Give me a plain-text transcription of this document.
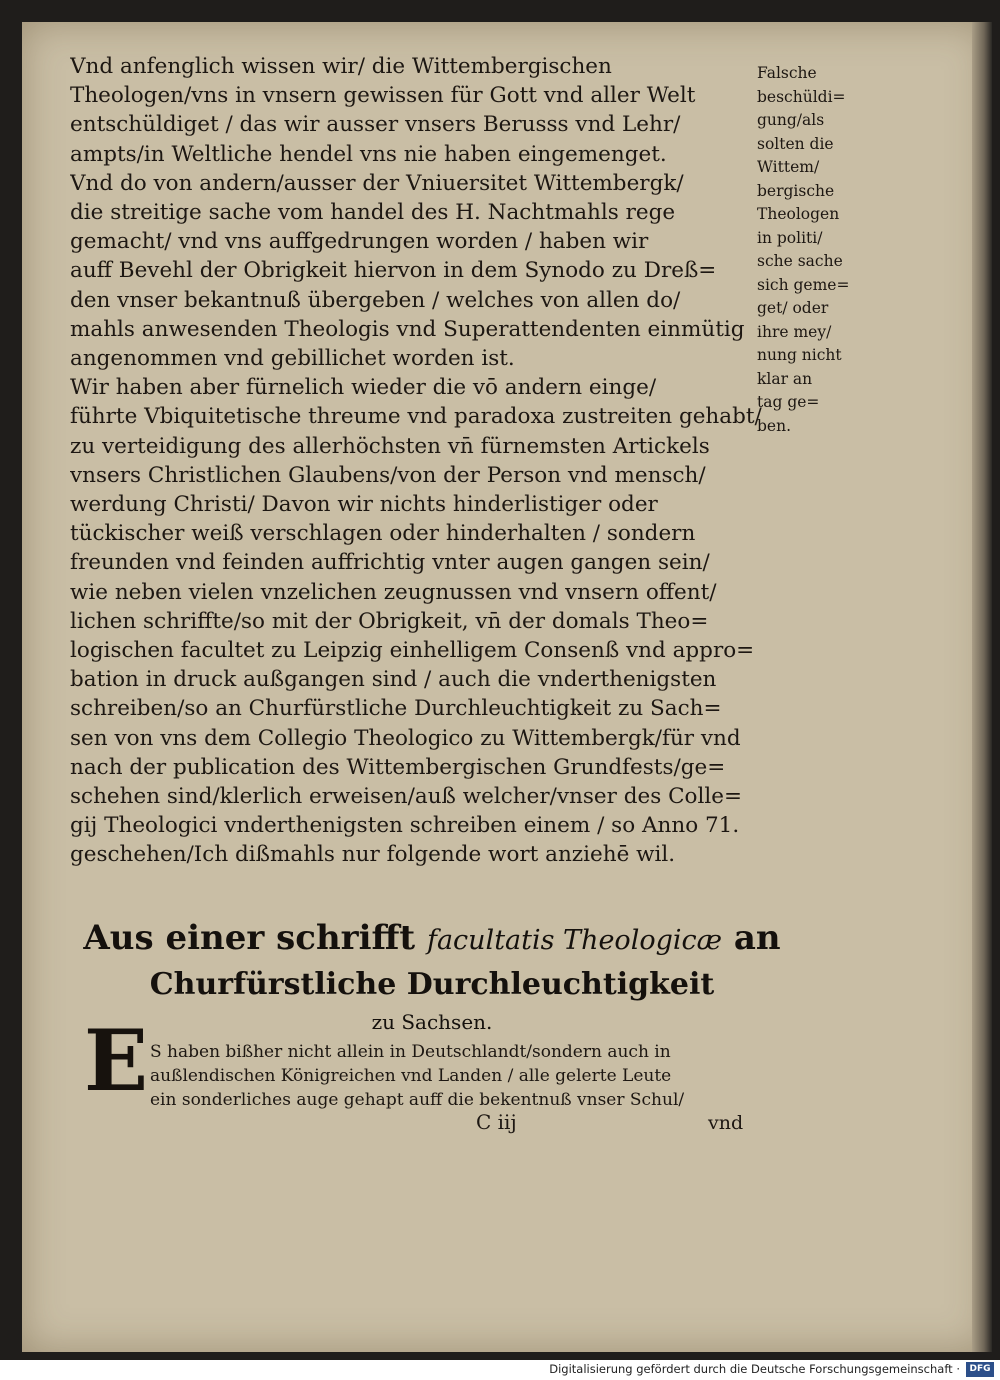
Vnd anfenglich wissen wir/ die Wittembergischen
Theologen/vns in vnsern gewissen für Gott vnd aller Welt
entschüldiget / das wir ausser vnsers Berusss vnd Lehr/
ampts/in Weltliche hendel vns nie haben eingemenget.
Vnd do von andern/ausser der Vniuersitet Wittembergk/
die streitige sache vom handel des H. Nachtmahls rege
gemacht/ vnd vns auffgedrungen worden / haben wir
auff Bevehl der Obrigkeit hiervon in dem Synodo zu Dreß=
den vnser bekantnuß übergeben / welches von allen do/
mahls anwesenden Theologis vnd Superattendenten einmütig
angenommen vnd gebillichet worden ist.
Wir haben aber fürnelich wieder die vō andern einge/
führte Vbiquitetische threume vnd paradoxa zustreiten gehabt/
zu verteidigung des allerhöchsten vn̄ fürnemsten Artickels
vnsers Christlichen Glaubens/von der Person vnd mensch/
werdung Christi/ Davon wir nichts hinderlistiger oder
tückischer weiß verschlagen oder hinderhalten / sondern
freunden vnd feinden auffrichtig vnter augen gangen sein/
wie neben vielen vnzelichen zeugnussen vnd vnsern offent/
lichen schriffte/so mit der Obrigkeit, vn̄ der domals Theo=
logischen facultet zu Leipzig einhelligem Consenß vnd appro=
bation in druck außgangen sind / auch die vnderthenigsten
schreiben/so an Churfürstliche Durchleuchtigkeit zu Sach=
sen von vns dem Collegio Theologico zu Wittembergk/für vnd
nach der publication des Wittembergischen Grundfests/ge=
schehen sind/klerlich erweisen/auß welcher/vnser des Colle=
gij Theologici vnderthenigsten schreiben einem / so Anno 71.
geschehen/Ich dißmahls nur folgende wort anziehē wil.
Falsche
beschüldi=
gung/als
solten die
Wittem/
bergische
Theologen
in politi/
sche sache
sich geme=
get/ oder
ihre mey/
nung nicht
klar an
tag ge=
ben.
Aus einer schrifft facultatis Theologicæ an
Churfürstliche Durchleuchtigkeit
zu Sachsen.
E S haben bißher nicht allein in Deutschlandt/sondern auch in
außlendischen Königreichen vnd Landen / alle gelerte Leute
ein sonderliches auge gehapt auff die bekentnuß vnser Schul/
C iij	vnd
Digitalisierung gefördert durch die Deutsche Forschungsgemeinschaft ·	DFG
